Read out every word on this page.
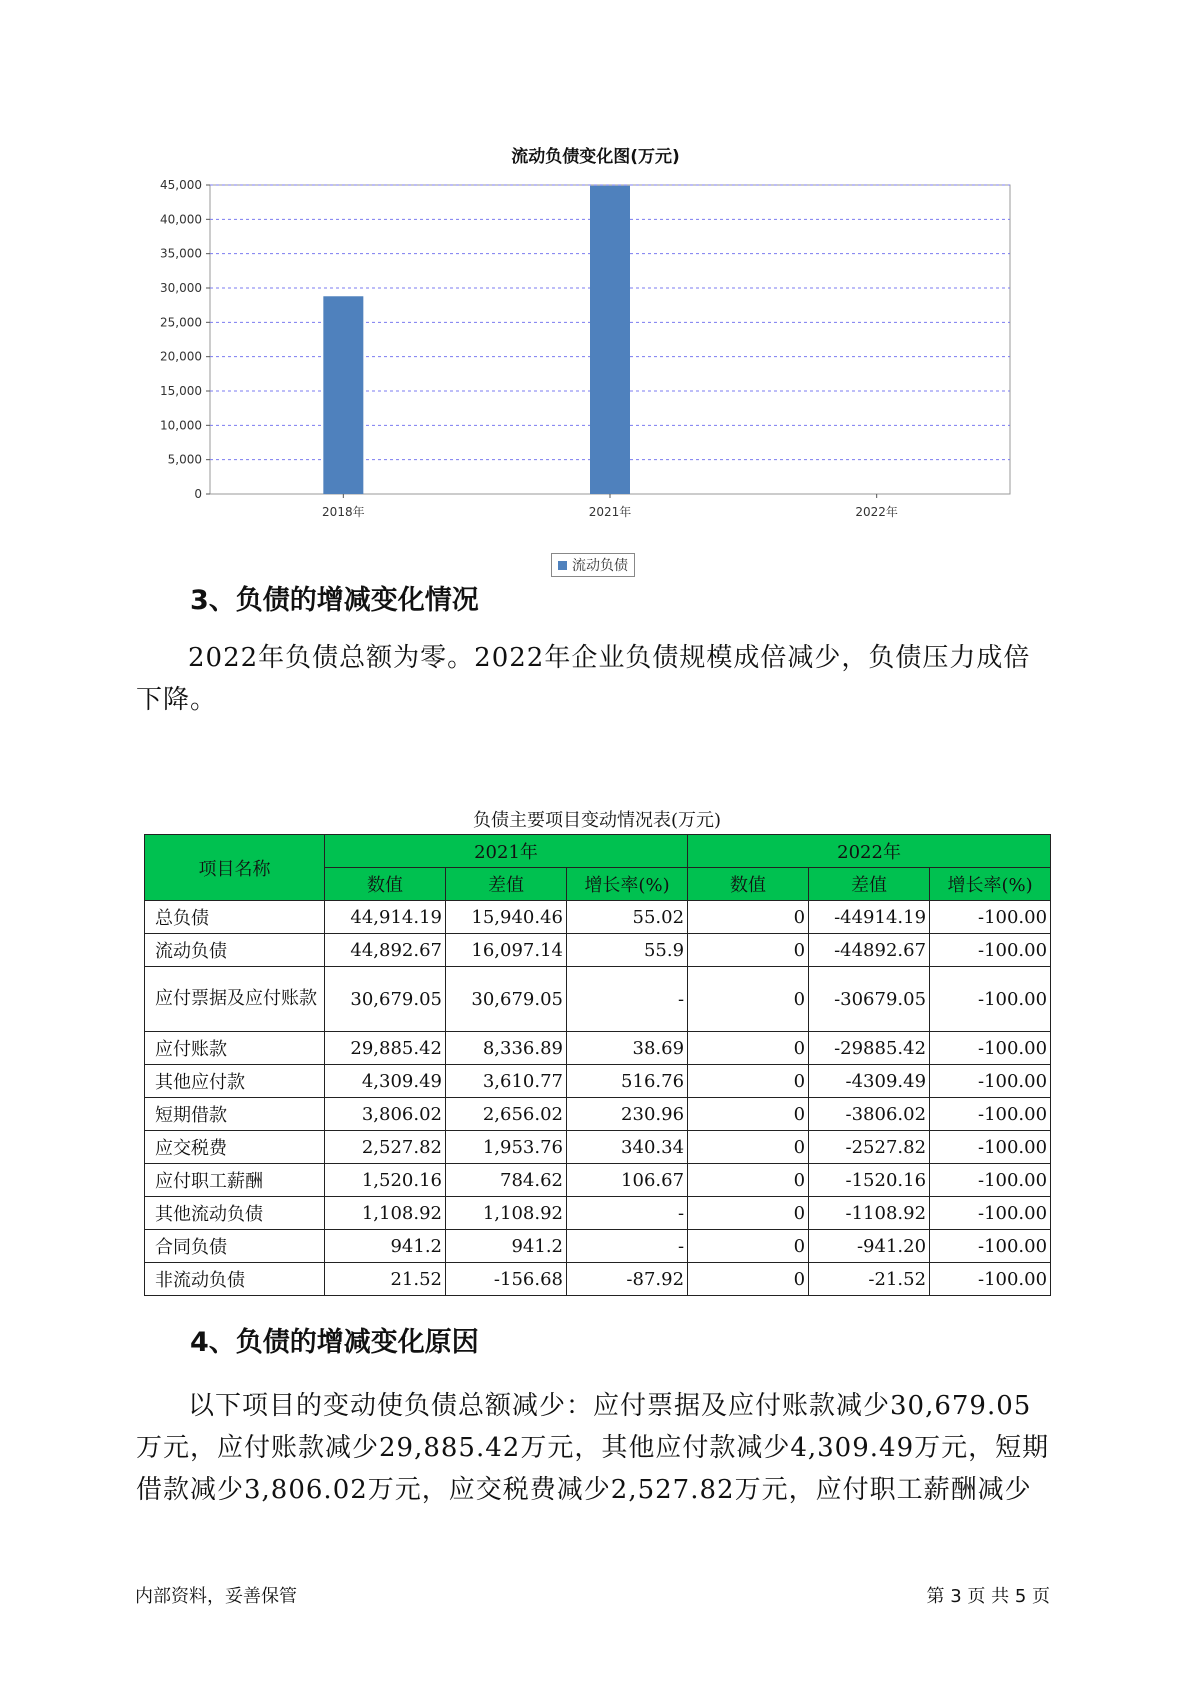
流动负债变化图(万元)
0
5,000
10,000
15,000
20,000
25,000
30,000
35,000
40,000
45,000
2018年	2021年	2022年
流动负债
3、负债的增减变化情况
2022年负债总额为零。2022年企业负债规模成倍减少，负债压力成倍
下降。
负债主要项目变动情况表(万元)
项目名称	2021年			2022年		
	数值	差值	增长率(%)	数值	差值	增长率(%)
总负债	44,914.19	15,940.46	55.02	0	-44914.19	-100.00
流动负债	44,892.67	16,097.14	55.9	0	-44892.67	-100.00
应付票据及应付账款	30,679.05	30,679.05	-	0	-30679.05	-100.00
应付账款	29,885.42	8,336.89	38.69	0	-29885.42	-100.00
其他应付款	4,309.49	3,610.77	516.76	0	-4309.49	-100.00
短期借款	3,806.02	2,656.02	230.96	0	-3806.02	-100.00
应交税费	2,527.82	1,953.76	340.34	0	-2527.82	-100.00
应付职工薪酬	1,520.16	784.62	106.67	0	-1520.16	-100.00
其他流动负债	1,108.92	1,108.92	-	0	-1108.92	-100.00
合同负债	941.2	941.2	-	0	-941.20	-100.00
非流动负债	21.52	-156.68	-87.92	0	-21.52	-100.00
4、负债的增减变化原因
以下项目的变动使负债总额减少：应付票据及应付账款减少30,679.05
万元，应付账款减少29,885.42万元，其他应付款减少4,309.49万元，短期
借款减少3,806.02万元，应交税费减少2,527.82万元，应付职工薪酬减少
内部资料，妥善保管	第 3 页 共 5 页
